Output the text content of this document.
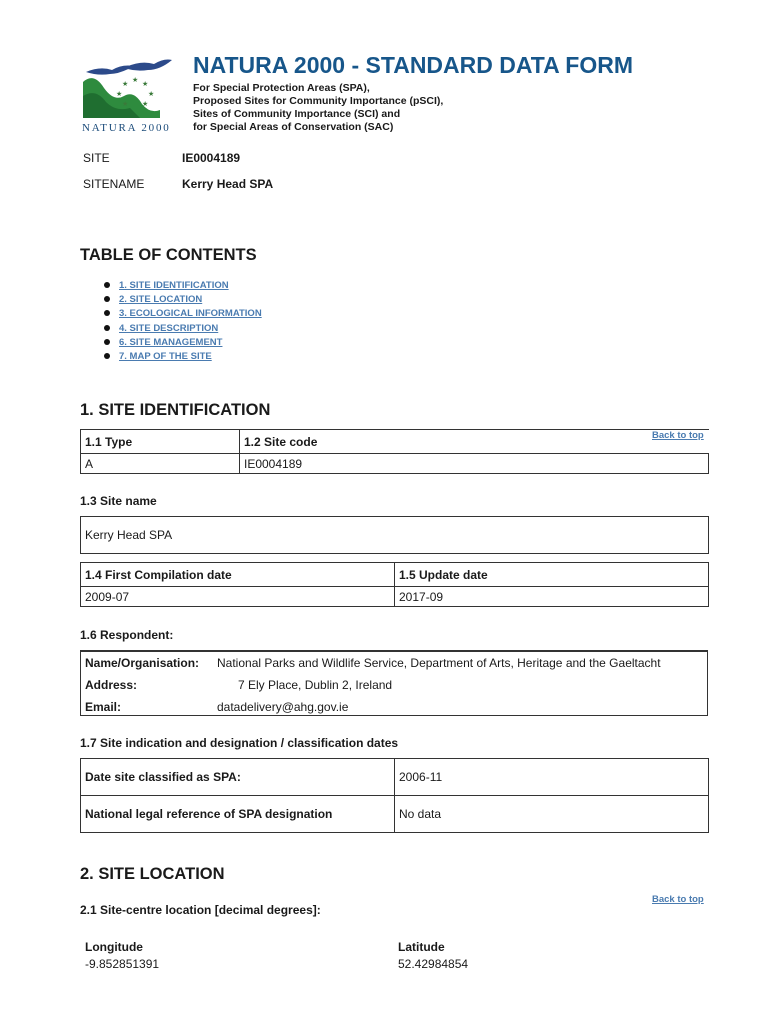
★ ★ ★
★	★
★ ★
NATURA 2000
NATURA 2000 - STANDARD DATA FORM
For Special Protection Areas (SPA),
Proposed Sites for Community Importance (pSCI),
Sites of Community Importance (SCI) and
for Special Areas of Conservation (SAC)
SITE	IE0004189
SITENAME	Kerry Head SPA
TABLE OF CONTENTS
1. SITE IDENTIFICATION
2. SITE LOCATION
3. ECOLOGICAL INFORMATION
4. SITE DESCRIPTION
6. SITE MANAGEMENT
7. MAP OF THE SITE
1. SITE IDENTIFICATION
Back to top
1.1 Type	1.2 Site code
A	IE0004189
1.3 Site name
Kerry Head SPA
1.4 First Compilation date	1.5 Update date
2009-07	2017-09
1.6 Respondent:
Name/Organisation: National Parks and Wildlife Service, Department of Arts, Heritage and the Gaeltacht
Address:	7 Ely Place, Dublin 2, Ireland
Email:	datadelivery@ahg.gov.ie
1.7 Site indication and designation / classification dates
Date site classified as SPA:	2006-11
National legal reference of SPA designation	No data
2. SITE LOCATION
Back to top
2.1 Site-centre location [decimal degrees]:
Longitude
-9.852851391
Latitude
52.42984854
